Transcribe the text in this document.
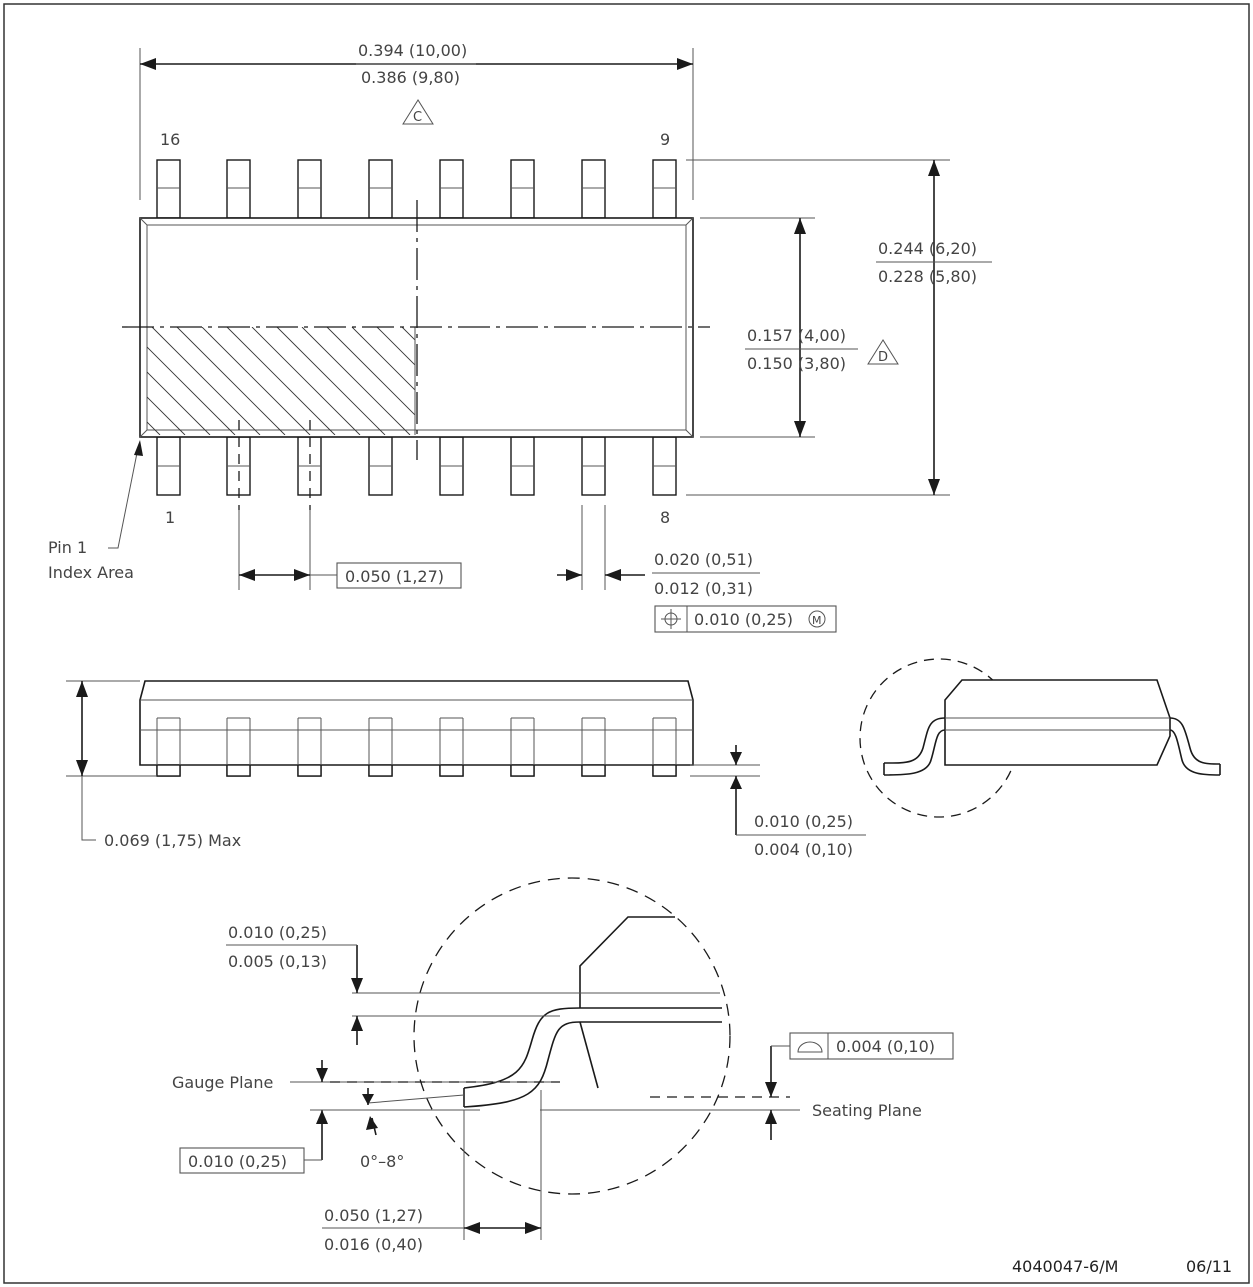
0.394 (10,00)
0.386 (9,80)
C
16	9
1	8
0.244 (6,20)
0.228 (5,80)
0.157 (4,00)
0.150 (3,80) D
Pin 1
Index Area	0.050 (1,27)
0.020 (0,51)
0.012 (0,31)
0.010 (0,25) M
0.069 (1,75) Max
0.010 (0,25)
0.004 (0,10)
0.010 (0,25)
0.005 (0,13)
Gauge Plane
0.010 (0,25)	0°–8°
Seating Plane
0.004 (0,10)
0.050 (1,27)
0.016 (0,40)
4040047-6/M	06/11
